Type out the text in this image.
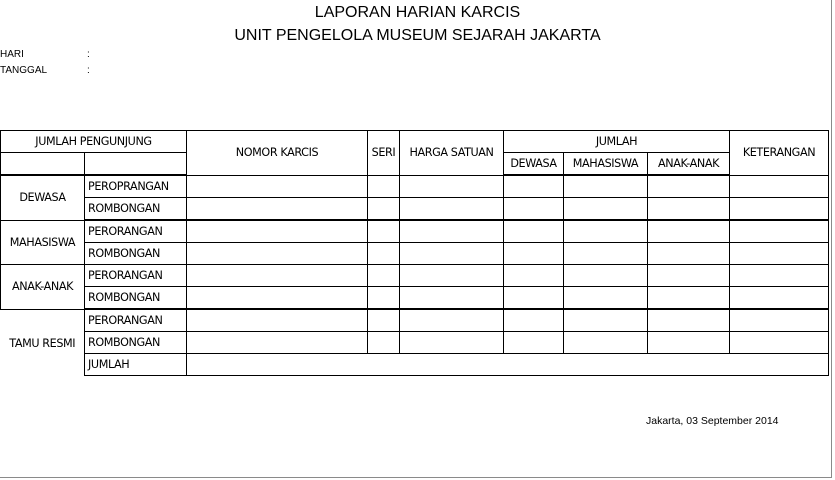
LAPORAN HARIAN KARCIS
UNIT PENGELOLA MUSEUM SEJARAH JAKARTA
HARI	:
TANGGAL	:
JUMLAH PENGUNJUNG		NOMOR KARCIS	SERI	HARGA SATUAN	JUMLAH			KETERANGAN
					DEWASA	MAHASISWA	ANAK-ANAK	
DEWASA	PEROPRANGAN							
	ROMBONGAN							
MAHASISWA	PERORANGAN							
	ROMBONGAN							
ANAK-ANAK	PERORANGAN							
	ROMBONGAN							
TAMU RESMI	PERORANGAN							
	ROMBONGAN							
	JUMLAH							
Jakarta, 03 September 2014
